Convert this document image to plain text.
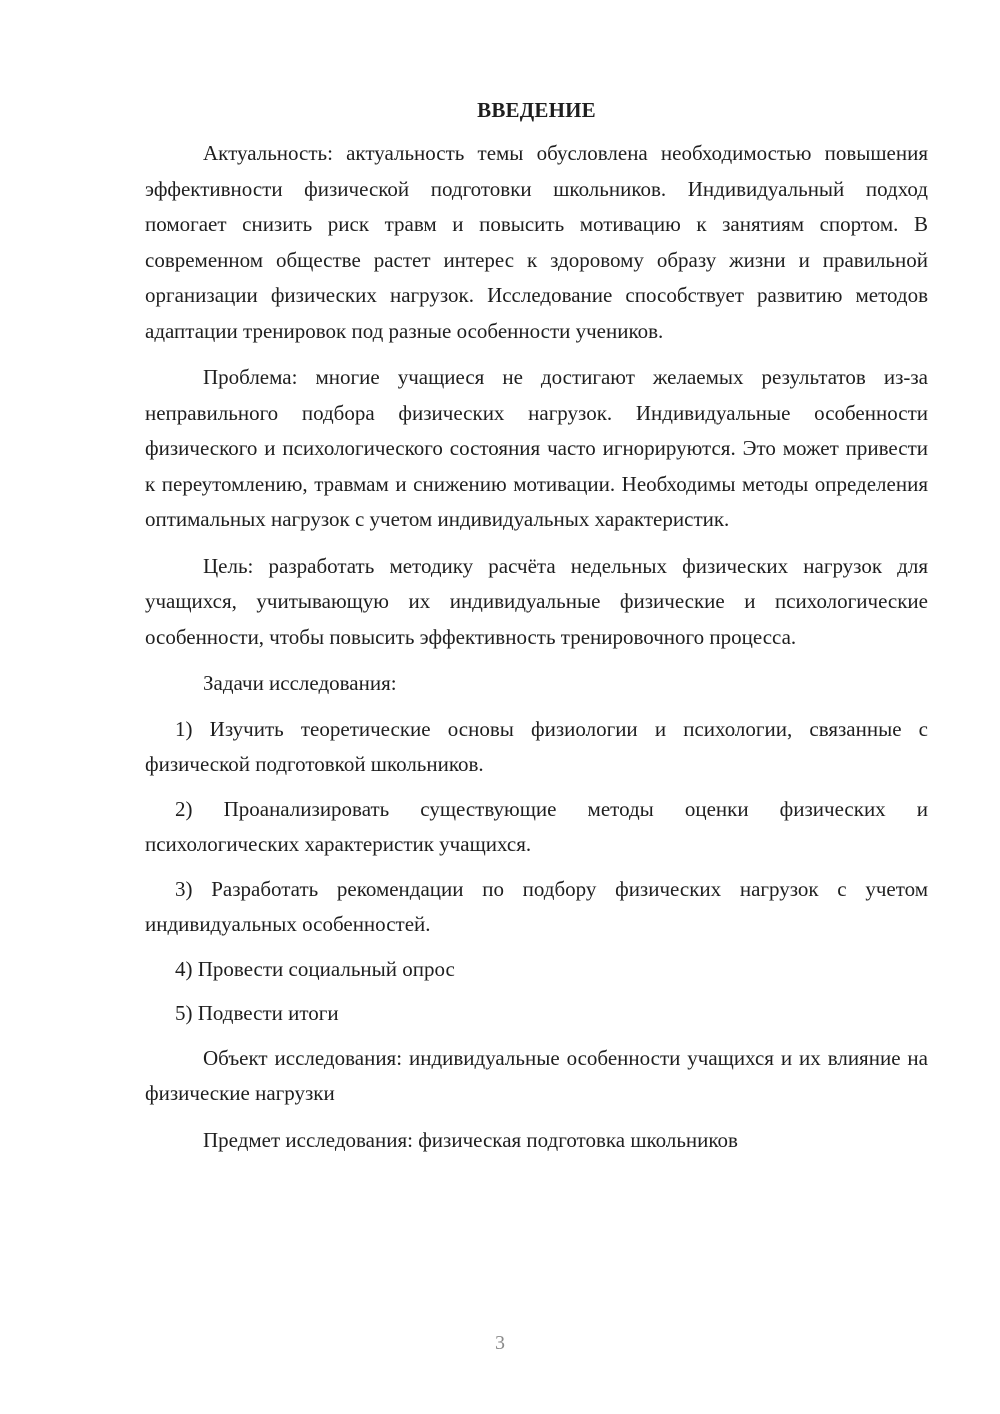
ВВЕДЕНИЕ

Актуальность: актуальность темы обусловлена необходимостью повышения эффективности физической подготовки школьников. Индивидуальный подход помогает снизить риск травм и повысить мотивацию к занятиям спортом. В современном обществе растет интерес к здоровому образу жизни и правильной организации физических нагрузок. Исследование способствует развитию методов адаптации тренировок под разные особенности учеников.

Проблема: многие учащиеся не достигают желаемых результатов из-за неправильного подбора физических нагрузок. Индивидуальные особенности физического и психологического состояния часто игнорируются. Это может привести к переутомлению, травмам и снижению мотивации. Необходимы методы определения оптимальных нагрузок с учетом индивидуальных характеристик.

Цель: разработать методику расчёта недельных физических нагрузок для учащихся, учитывающую их индивидуальные физические и психологические особенности, чтобы повысить эффективность тренировочного процесса.

Задачи исследования:

1) Изучить теоретические основы физиологии и психологии, связанные с физической подготовкой школьников.
2) Проанализировать существующие методы оценки физических и психологических характеристик учащихся.
3) Разработать рекомендации по подбору физических нагрузок с учетом индивидуальных особенностей.
4) Провести социальный опрос
5) Подвести итоги

Объект исследования: индивидуальные особенности учащихся и их влияние на физические нагрузки

Предмет исследования: физическая подготовка школьников

3
